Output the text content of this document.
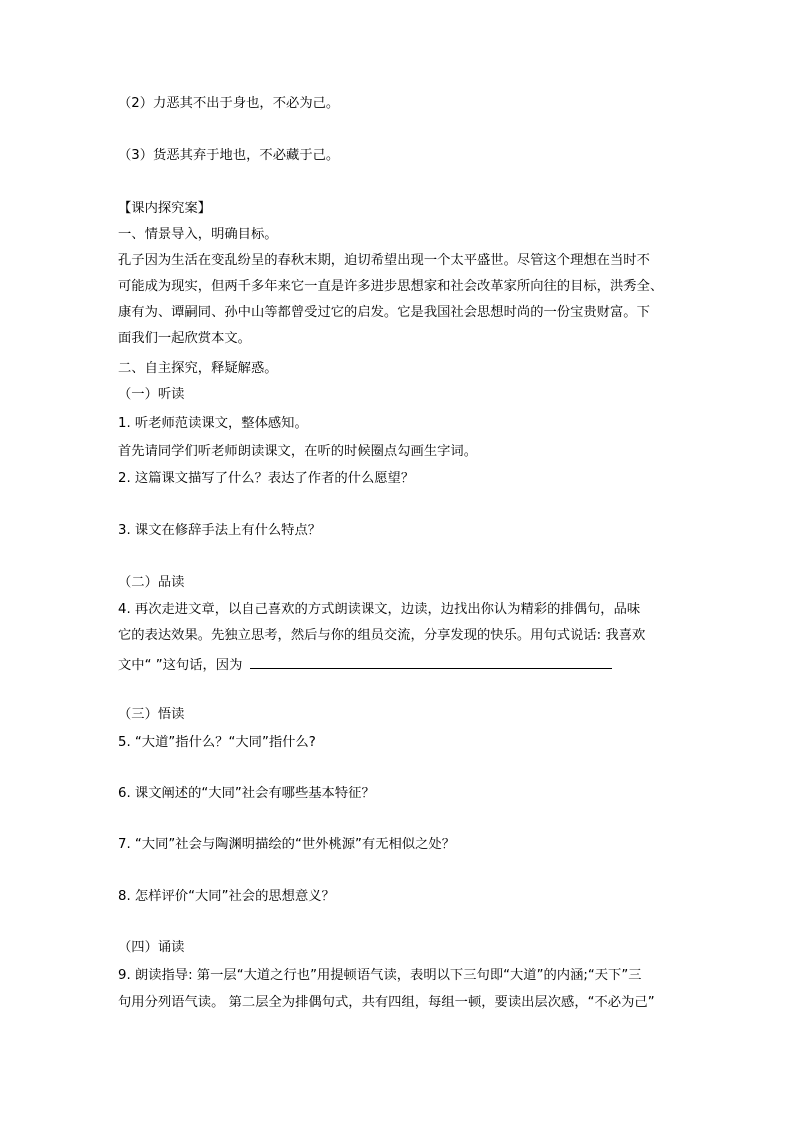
（2）力恶其不出于身也，不必为己。
（3）货恶其弃于地也，不必藏于己。
【课内探究案】
一、情景导入，明确目标。
孔子因为生活在变乱纷呈的春秋末期，迫切希望出现一个太平盛世。尽管这个理想在当时不
可能成为现实，但两千多年来它一直是许多进步思想家和社会改革家所向往的目标，洪秀全、
康有为、谭嗣同、孙中山等都曾受过它的启发。它是我国社会思想时尚的一份宝贵财富。下
面我们一起欣赏本文。
二、自主探究，释疑解惑。
（一）听读
1. 听老师范读课文，整体感知。
首先请同学们听老师朗读课文，在听的时候圈点勾画生字词。
2. 这篇课文描写了什么？表达了作者的什么愿望？
3. 课文在修辞手法上有什么特点？
（二）品读
4. 再次走进文章，以自己喜欢的方式朗读课文，边读，边找出你认为精彩的排偶句，品味
它的表达效果。先独立思考，然后与你的组员交流，分享发现的快乐。用句式说话: 我喜欢
文中“ ”这句话，因为
（三）悟读
5. “大道”指什么？“大同”指什么?
6. 课文阐述的“大同”社会有哪些基本特征？
7. “大同”社会与陶渊明描绘的“世外桃源”有无相似之处？
8. 怎样评价“大同”社会的思想意义？
（四）诵读
9. 朗读指导: 第一层“大道之行也”用提顿语气读，表明以下三句即“大道”的内涵;“天下”三
句用分列语气读。 第二层全为排偶句式，共有四组，每组一顿，要读出层次感，“不必为己”
